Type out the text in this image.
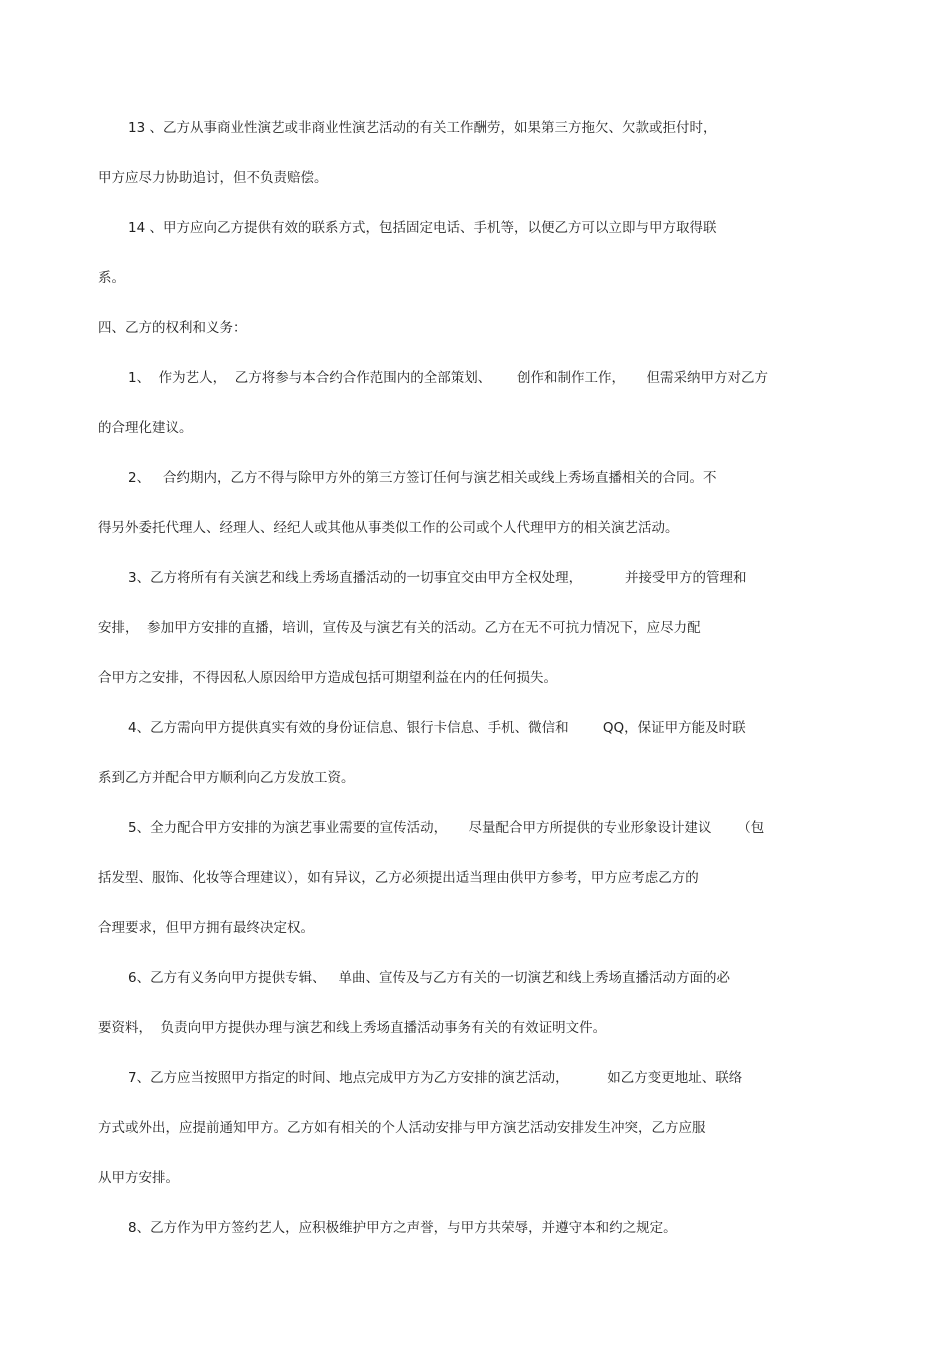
13 、乙方从事商业性演艺或非商业性演艺活动的有关工作酬劳，如果第三方拖欠、欠款或拒付时，
甲方应尽力协助追讨，但不负责赔偿。
14 、甲方应向乙方提供有效的联系方式，包括固定电话、手机等，以便乙方可以立即与甲方取得联
系。
四、乙方的权利和义务：
1、  作为艺人，  乙方将参与本合约合作范围内的全部策划、      创作和制作工作，     但需采纳甲方对乙方
的合理化建议。
2、   合约期内，乙方不得与除甲方外的第三方签订任何与演艺相关或线上秀场直播相关的合同。不
得另外委托代理人、经理人、经纪人或其他从事类似工作的公司或个人代理甲方的相关演艺活动。
3、乙方将所有有关演艺和线上秀场直播活动的一切事宜交由甲方全权处理，          并接受甲方的管理和
安排，  参加甲方安排的直播，培训，宣传及与演艺有关的活动。乙方在无不可抗力情况下，应尽力配
合甲方之安排，不得因私人原因给甲方造成包括可期望利益在内的任何损失。
4、乙方需向甲方提供真实有效的身份证信息、银行卡信息、手机、微信和        QQ，保证甲方能及时联
系到乙方并配合甲方顺利向乙方发放工资。
5、全力配合甲方安排的为演艺事业需要的宣传活动，     尽量配合甲方所提供的专业形象设计建议      （包
括发型、服饰、化妆等合理建议），如有异议，乙方必须提出适当理由供甲方参考，甲方应考虑乙方的
合理要求，但甲方拥有最终决定权。
6、乙方有义务向甲方提供专辑、   单曲、宣传及与乙方有关的一切演艺和线上秀场直播活动方面的必
要资料，  负责向甲方提供办理与演艺和线上秀场直播活动事务有关的有效证明文件。
7、乙方应当按照甲方指定的时间、地点完成甲方为乙方安排的演艺活动，         如乙方变更地址、联络
方式或外出，应提前通知甲方。乙方如有相关的个人活动安排与甲方演艺活动安排发生冲突，乙方应服
从甲方安排。
8、乙方作为甲方签约艺人，应积极维护甲方之声誉，与甲方共荣辱，并遵守本和约之规定。
